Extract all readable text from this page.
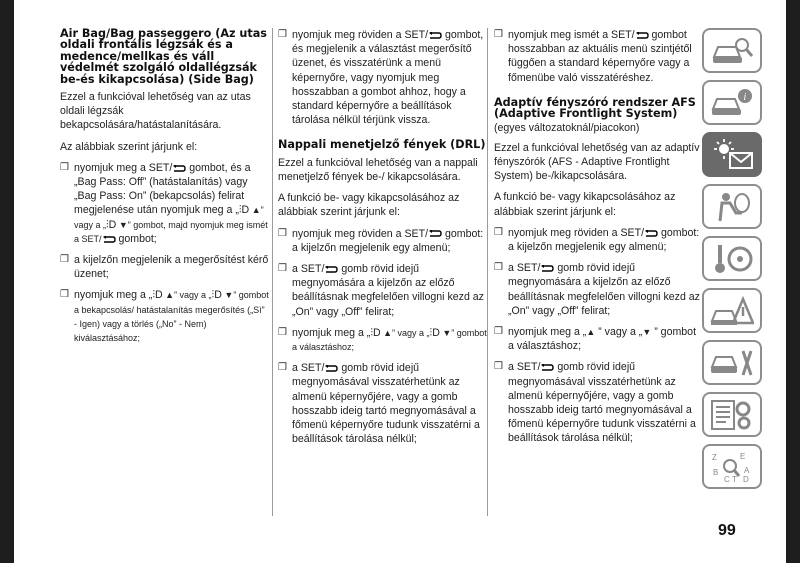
Air Bag/Bag passeggero (Az utas oldali frontális légzsák és a medence/mellkas és váll védelmét szolgáló oldallégzsák be-és kikapcsolása) (Side Bag)

Ezzel a funkcióval lehetőség van az utas oldali légzsák bekapcsolására/hatástalanítására.

Az alábbiak szerint járjunk el:

❒ nyomjuk meg a SET/ gombot, és a „Bag Pass: Off” (hatástalanítás) vagy „Bag Pass: On” (bekapcsolás) felirat megjelenése után nyomjuk meg a „⫶D ▲” vagy a „⫶D ▼” gombot, majd nyomjuk meg ismét a SET/ gombot;
❒ a kijelzőn megjelenik a megerősítést kérő üzenet;
❒ nyomjuk meg a „⫶D ▲” vagy a „⫶D ▼” gombot a bekapcsolás/ hatástalanítás megerősítés („Sì” - Igen) vagy a törlés („No” - Nem) kiválasztásához;
❒ nyomjuk meg röviden a SET/ gombot, és megjelenik a választást megerősítő üzenet, és visszatérünk a menü képernyőre, vagy nyomjuk meg hosszabban a gombot ahhoz, hogy a standard képernyőre a beállítások tárolása nélkül térjünk vissza.
Nappali menetjelző fények (DRL)

Ezzel a funkcióval lehetőség van a nappali menetjelző fények be-/ kikapcsolására.

A funkció be- vagy kikapcsolásához az alábbiak szerint járjunk el:

❒ nyomjuk meg röviden a SET/ gombot: a kijelzőn megjelenik egy almenü;
❒ a SET/ gomb rövid idejű megnyomására a kijelzőn az előző beállításnak megfelelően villogni kezd az „On” vagy „Off” felirat;
❒ nyomjuk meg a „⫶D ▲” vagy a „⫶D ▼” gombot a választáshoz;
❒ a SET/ gomb rövid idejű megnyomásával visszatérhetünk az almenü képernyőjére, vagy a gomb hosszabb ideig tartó megnyomásával a főmenü képernyőre tudunk visszatérni a beállítások tárolása nélkül;
❒ nyomjuk meg ismét a SET/ gombot hosszabban az aktuális menü szintjétől függően a standard képernyőre vagy a főmenübe való visszatéréshez.
Adaptív fényszóró rendszer AFS (Adaptive Frontlight System)

(egyes változatoknál/piacokon)

Ezzel a funkcióval lehetőség van az adaptív fényszórók (AFS - Adaptive Frontlight System) be-/kikapcsolására.

A funkció be- vagy kikapcsolásához az alábbiak szerint járjunk el:

❒ nyomjuk meg röviden a SET/ gombot: a kijelzőn megjelenik egy almenü;
❒ a SET/ gomb rövid idejű megnyomására a kijelzőn az előző beállításnak megfelelően villogni kezd az „On” vagy „Off” felirat;
❒ nyomjuk meg a „▲ ” vagy a „▼ ” gombot a választáshoz;
❒ a SET/ gomb rövid idejű megnyomásával visszatérhetünk az almenü képernyőjére, vagy a gomb hosszabb ideig tartó megnyomásával a főmenü képernyőre tudunk visszatérni a beállítások tárolása nélkül;
i
Z	E
B	A
C D
T
99
